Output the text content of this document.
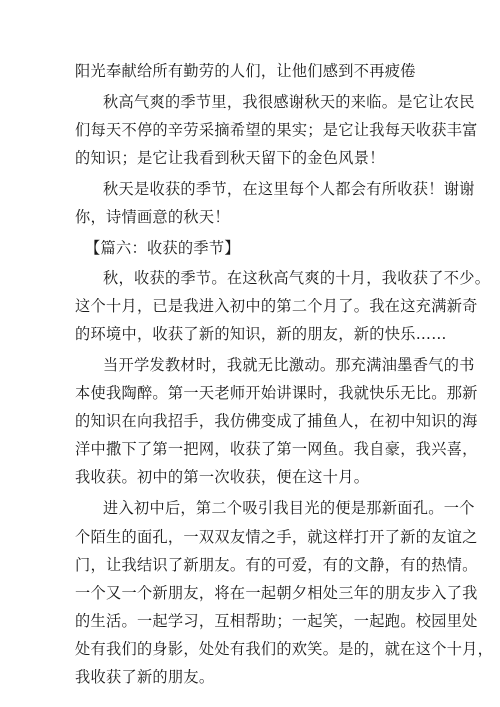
阳光奉献给所有勤劳的人们，让他们感到不再疲倦
秋高气爽的季节里，我很感谢秋天的来临。是它让农民
们每天不停的辛劳采摘希望的果实；是它让我每天收获丰富
的知识；是它让我看到秋天留下的金色风景！
秋天是收获的季节，在这里每个人都会有所收获！谢谢
你，诗情画意的秋天！
【篇六：收获的季节】
秋，收获的季节。在这秋高气爽的十月，我收获了不少。
这个十月，已是我进入初中的第二个月了。我在这充满新奇
的环境中，收获了新的知识，新的朋友，新的快乐……
当开学发教材时，我就无比激动。那充满油墨香气的书
本使我陶醉。第一天老师开始讲课时，我就快乐无比。那新
的知识在向我招手，我仿佛变成了捕鱼人，在初中知识的海
洋中撒下了第一把网，收获了第一网鱼。我自豪，我兴喜，
我收获。初中的第一次收获，便在这十月。
进入初中后，第二个吸引我目光的便是那新面孔。一个
个陌生的面孔，一双双友情之手，就这样打开了新的友谊之
门，让我结识了新朋友。有的可爱，有的文静，有的热情。
一个又一个新朋友，将在一起朝夕相处三年的朋友步入了我
的生活。一起学习，互相帮助；一起笑，一起跑。校园里处
处有我们的身影，处处有我们的欢笑。是的，就在这个十月，
我收获了新的朋友。
